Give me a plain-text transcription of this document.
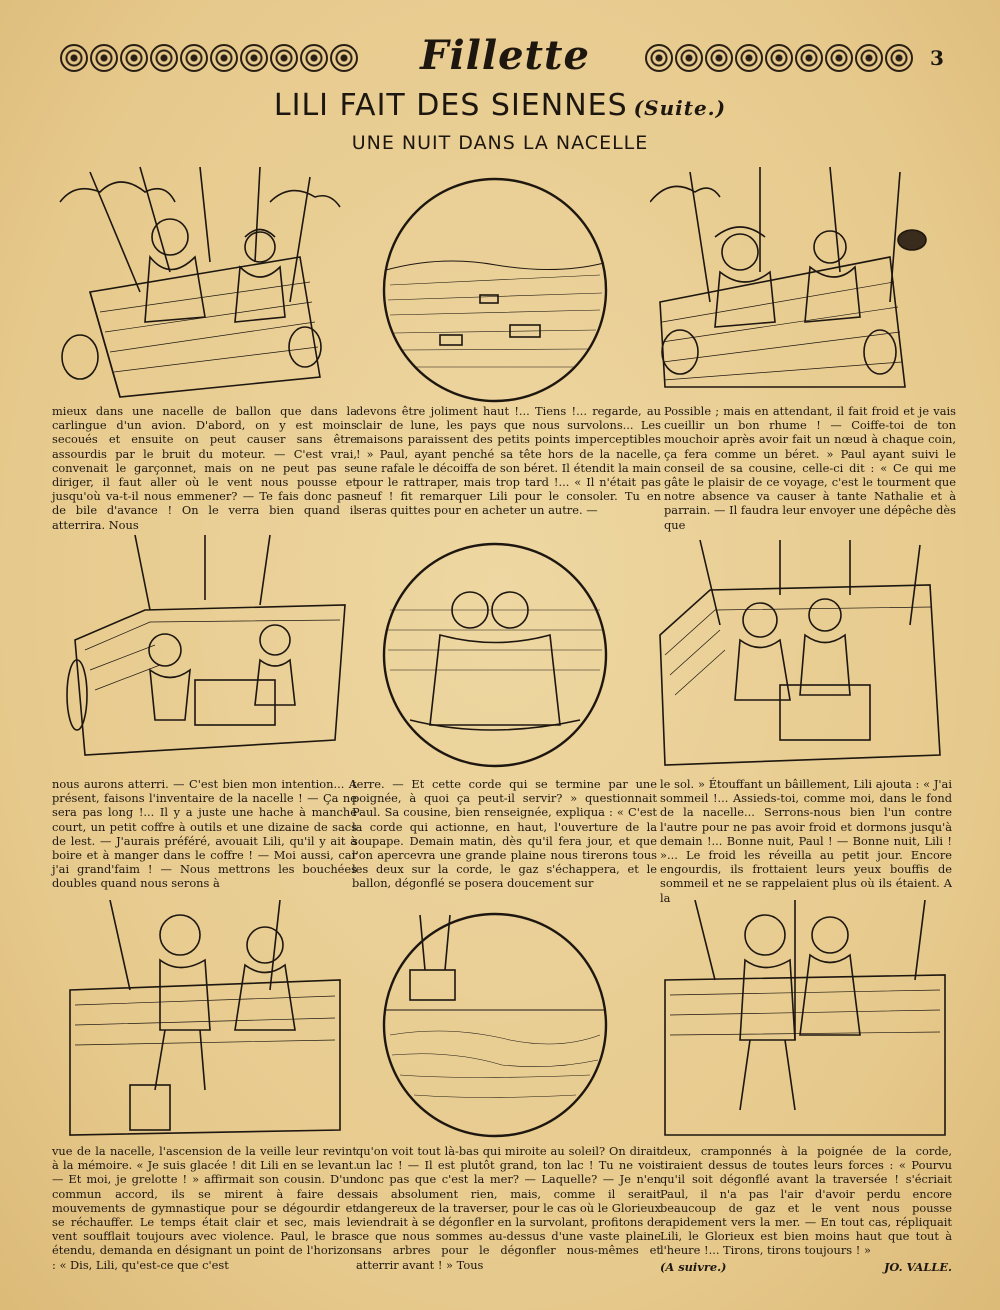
Fillette	3
LILI FAIT DES SIENNES (Suite.)
UNE NUIT DANS LA NACELLE
mieux dans une nacelle de ballon que dans la carlingue d'un avion. D'abord, on y est moins secoués et ensuite on peut causer sans être assourdis par le bruit du moteur. — C'est vrai, convenait le garçonnet, mais on ne peut pas se diriger, il faut aller où le vent nous pousse et jusqu'où va-t-il nous emmener? — Te fais donc pas de bile d'avance ! On le verra bien quand il atterrira. Nous
devons être joliment haut !... Tiens !... regarde, au clair de lune, les pays que nous survolons... Les maisons paraissent des petits points imperceptibles ! » Paul, ayant penché sa tête hors de la nacelle, une rafale le décoiffa de son béret. Il étendit la main pour le rattraper, mais trop tard !... « Il n'était pas neuf ! fit remarquer Lili pour le consoler. Tu en seras quittes pour en acheter un autre. —
Possible ; mais en attendant, il fait froid et je vais cueillir un bon rhume ! — Coiffe-toi de ton mouchoir après avoir fait un nœud à chaque coin, ça fera comme un béret. » Paul ayant suivi le conseil de sa cousine, celle-ci dit : « Ce qui me gâte le plaisir de ce voyage, c'est le tourment que notre absence va causer à tante Nathalie et à parrain. — Il faudra leur envoyer une dépêche dès que
nous aurons atterri. — C'est bien mon intention... A présent, faisons l'inventaire de la nacelle ! — Ça ne sera pas long !... Il y a juste une hache à manche court, un petit coffre à outils et une dizaine de sacs de lest. — J'aurais préféré, avouait Lili, qu'il y ait à boire et à manger dans le coffre ! — Moi aussi, car j'ai grand'faim ! — Nous mettrons les bouchées doubles quand nous serons à
terre. — Et cette corde qui se termine par une poignée, à quoi ça peut-il servir? » questionnait Paul. Sa cousine, bien renseignée, expliqua : « C'est la corde qui actionne, en haut, l'ouverture de la soupape. Demain matin, dès qu'il fera jour, et que l'on apercevra une grande plaine nous tirerons tous les deux sur la corde, le gaz s'échappera, et le ballon, dégonflé se posera doucement sur
le sol. » Étouffant un bâillement, Lili ajouta : « J'ai sommeil !... Assieds-toi, comme moi, dans le fond de la nacelle... Serrons-nous bien l'un contre l'autre pour ne pas avoir froid et dormons jusqu'à demain !... Bonne nuit, Paul ! — Bonne nuit, Lili ! »... Le froid les réveilla au petit jour. Encore engourdis, ils frottaient leurs yeux bouffis de sommeil et ne se rappelaient plus où ils étaient. A la
vue de la nacelle, l'ascension de la veille leur revint à la mémoire. « Je suis glacée ! dit Lili en se levant. — Et moi, je grelotte ! » affirmait son cousin. D'un commun accord, ils se mirent à faire des mouvements de gymnastique pour se dégourdir et se réchauffer. Le temps était clair et sec, mais le vent soufflait toujours avec violence. Paul, le bras étendu, demanda en désignant un point de l'horizon : « Dis, Lili, qu'est-ce que c'est
qu'on voit tout là-bas qui miroite au soleil? On dirait un lac ! — Il est plutôt grand, ton lac ! Tu ne vois donc pas que c'est la mer? — Laquelle? — Je n'en sais absolument rien, mais, comme il serait dangereux de la traverser, pour le cas où le Glorieux viendrait à se dégonfler en la survolant, profitons de ce que nous sommes au-dessus d'une vaste plaine sans arbres pour le dégonfler nous-mêmes et atterrir avant ! » Tous
deux, cramponnés à la poignée de la corde, tiraient dessus de toutes leurs forces : « Pourvu qu'il soit dégonflé avant la traversée ! s'écriait Paul, il n'a pas l'air d'avoir perdu encore beaucoup de gaz et le vent nous pousse rapidement vers la mer. — En tout cas, répliquait Lili, le Glorieux est bien moins haut que tout à l'heure !... Tirons, tirons toujours ! »
(A suivre.)	JO. VALLE.
